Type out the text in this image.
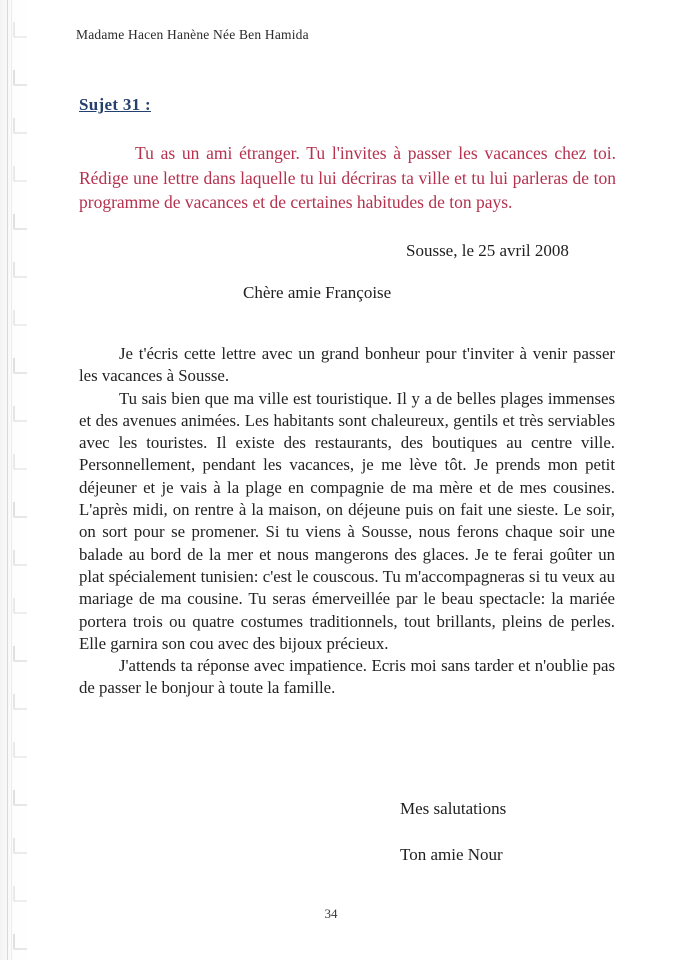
Madame Hacen Hanène Née Ben Hamida
Sujet 31 :
Tu as un ami étranger. Tu l'invites à passer les vacances chez toi. Rédige une lettre dans laquelle tu lui décriras ta ville et tu lui parleras de ton programme de vacances et de certaines habitudes de ton pays.
Sousse, le 25 avril 2008
Chère amie Françoise

Je t'écris cette lettre avec un grand bonheur pour t'inviter à venir passer les vacances à Sousse.

Tu sais bien que ma ville est touristique. Il y a de belles plages immenses et des avenues animées. Les habitants sont chaleureux, gentils et très serviables avec les touristes. Il existe des restaurants, des boutiques au centre ville. Personnellement, pendant les vacances, je me lève tôt. Je prends mon petit déjeuner et je vais à la plage en compagnie de ma mère et de mes cousines. L'après midi, on rentre à la maison, on déjeune puis on fait une sieste. Le soir, on sort pour se promener. Si tu viens à Sousse, nous ferons chaque soir une balade au bord de la mer et nous mangerons des glaces. Je te ferai goûter un plat spécialement tunisien: c'est le couscous. Tu m'accompagneras si tu veux au mariage de ma cousine. Tu seras émerveillée par le beau spectacle: la mariée portera trois ou quatre costumes traditionnels, tout brillants, pleins de perles. Elle garnira son cou avec des bijoux précieux.

J'attends ta réponse avec impatience. Ecris moi sans tarder et n'oublie pas de passer le bonjour à toute la famille.

Mes salutations
Ton amie Nour
34
